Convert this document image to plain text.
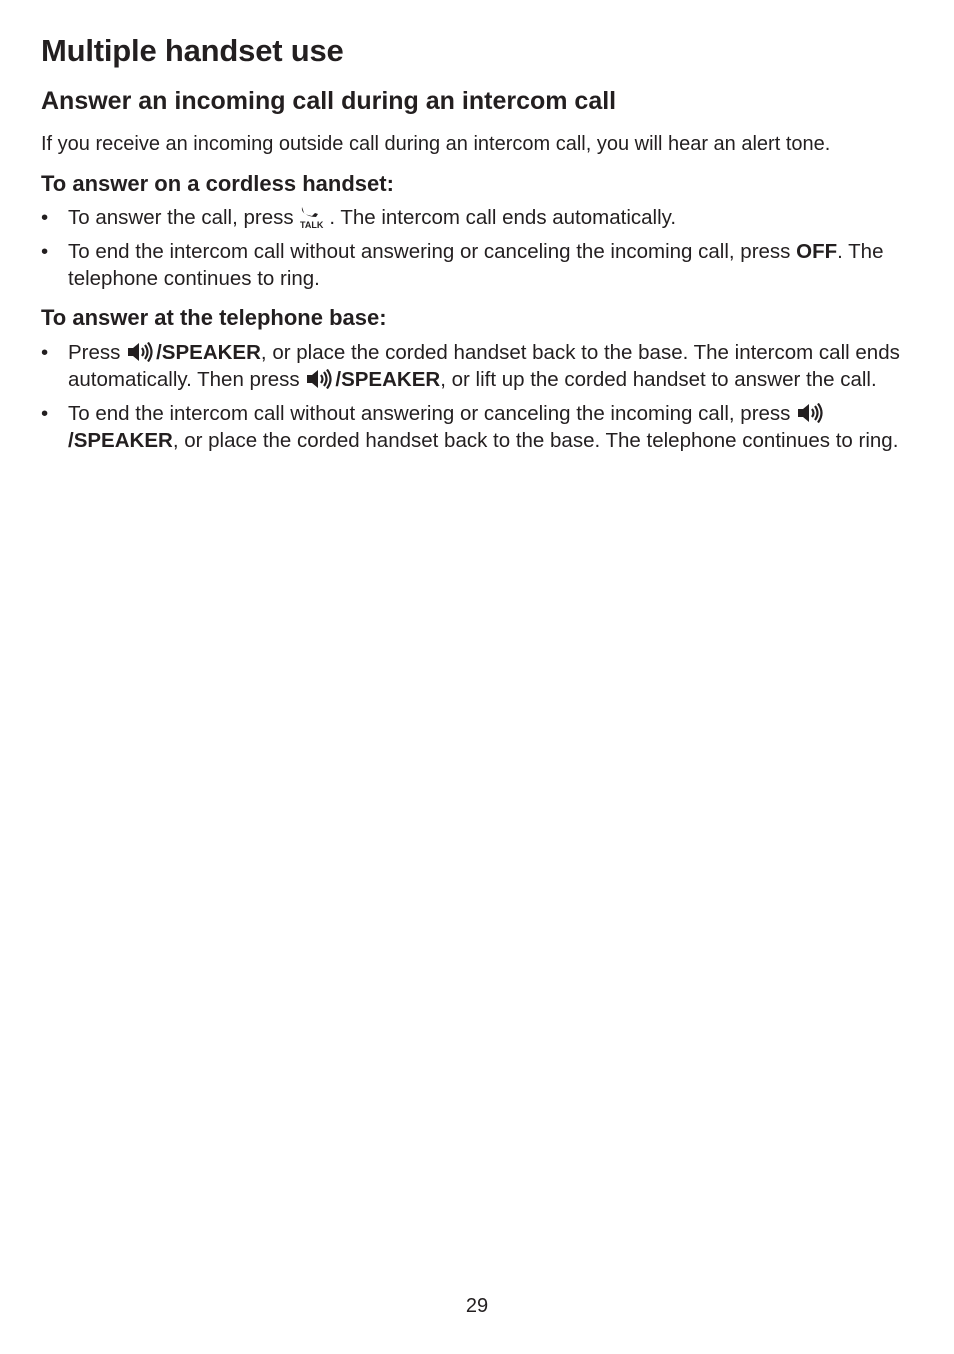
Multiple handset use
Answer an incoming call during an intercom call

If you receive an incoming outside call during an intercom call, you will hear an alert tone.

To answer on a cordless handset:
• To answer the call, press TALK . The intercom call ends automatically.
• To end the intercom call without answering or canceling the incoming call, press OFF. The telephone continues to ring.
To answer at the telephone base:
• Press /SPEAKER, or place the corded handset back to the base. The intercom call ends automatically. Then press /SPEAKER, or lift up the corded handset to answer the call.
• To end the intercom call without answering or canceling the incoming call, press /SPEAKER, or place the corded handset back to the base. The telephone continues to ring.
29
